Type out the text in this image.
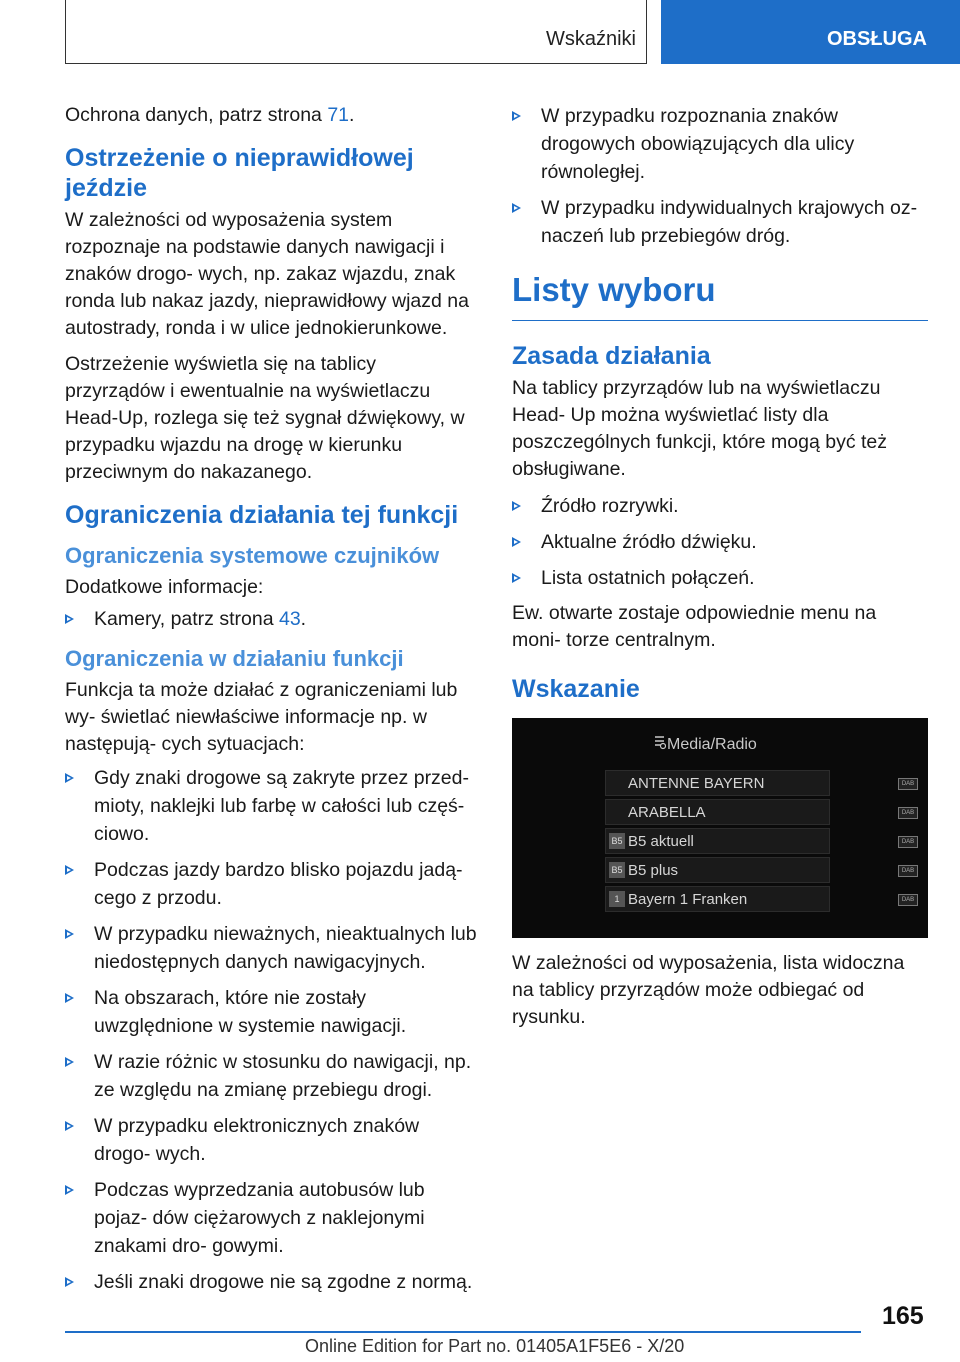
Wskaźniki	OBSŁUGA

Ochrona danych, patrz strona 71.

Ostrzeżenie o nieprawidłowej jeździe

W zależności od wyposażenia system rozpoznaje na podstawie danych nawigacji i znaków drogo- wych, np. zakaz wjazdu, znak ronda lub nakaz jazdy, nieprawidłowy wjazd na autostrady, ronda i w ulice jednokierunkowe.

Ostrzeżenie wyświetla się na tablicy przyrządów i ewentualnie na wyświetlaczu Head-Up, rozlega się też sygnał dźwiękowy, w przypadku wjazdu na drogę w kierunku przeciwnym do nakazanego.

Ograniczenia działania tej funkcji
Ograniczenia systemowe czujników

Dodatkowe informacje:

Kamery, patrz strona 43.
Ograniczenia w działaniu funkcji

Funkcja ta może działać z ograniczeniami lub wy- świetlać niewłaściwe informacje np. w następują- cych sytuacjach:

Gdy znaki drogowe są zakryte przez przed- mioty, naklejki lub farbę w całości lub częś- ciowo.
Podczas jazdy bardzo blisko pojazdu jadą- cego z przodu.
W przypadku nieważnych, nieaktualnych lub niedostępnych danych nawigacyjnych.
Na obszarach, które nie zostały uwzględnione w systemie nawigacji.
W razie różnic w stosunku do nawigacji, np. ze względu na zmianę przebiegu drogi.
W przypadku elektronicznych znaków drogo- wych.
Podczas wyprzedzania autobusów lub pojaz- dów ciężarowych z naklejonymi znakami dro- gowymi.
Jeśli znaki drogowe nie są zgodne z normą.
W przypadku rozpoznania znaków drogowych obowiązujących dla ulicy równoległej.
W przypadku indywidualnych krajowych oz- naczeń lub przebiegów dróg.
Listy wyboru
Zasada działania

Na tablicy przyrządów lub na wyświetlaczu Head- Up można wyświetlać listy dla poszczególnych funkcji, które mogą być też obsługiwane.

Źródło rozrywki.
Aktualne źródło dźwięku.
Lista ostatnich połączeń.

Ew. otwarte zostaje odpowiednie menu na moni- torze centralnym.

Wskazanie
Media/Radio
ANTENNE BAYERN	DAB
ARABELLA	DAB
B5 B5 aktuell	DAB
B5 B5 plus	DAB
1 Bayern 1 Franken	DAB

W zależności od wyposażenia, lista widoczna na tablicy przyrządów może odbiegać od rysunku.

165
Online Edition for Part no. 01405A1F5E6 - X/20
